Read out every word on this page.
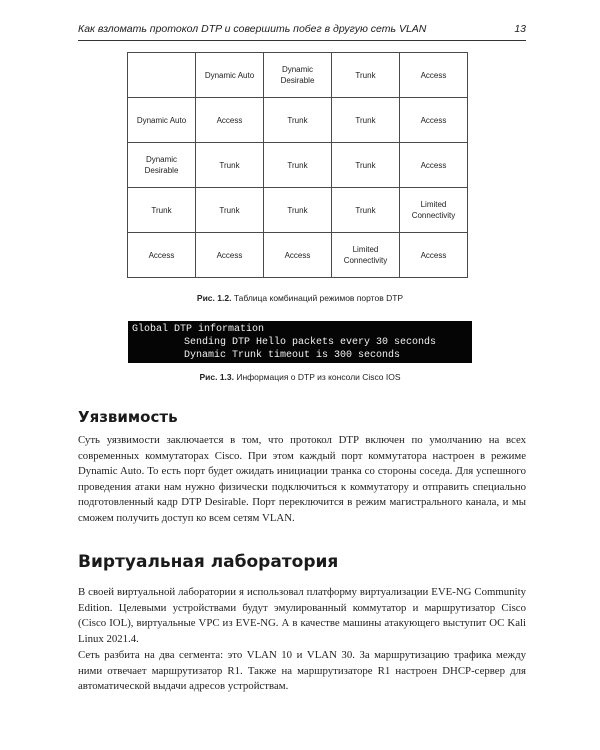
Как взломать протокол DTP и совершить побег в другую сеть VLAN	13
	Dynamic Auto	Dynamic Desirable	Trunk	Access
Dynamic Auto	Access	Trunk	Trunk	Access
Dynamic Desirable	Trunk	Trunk	Trunk	Access
Trunk	Trunk	Trunk	Trunk	Limited Connectivity
Access	Access	Access	Limited Connectivity	Access
Рис. 1.2. Таблица комбинаций режимов портов DTP
Global DTP information
Sending DTP Hello packets every 30 seconds
Dynamic Trunk timeout is 300 seconds
Рис. 1.3. Информация о DTP из консоли Cisco IOS
Уязвимость

Суть уязвимости заключается в том, что протокол DTP включен по умолчанию на всех современных коммутаторах Cisco. При этом каждый порт коммутатора настроен в режиме Dynamic Auto. То есть порт будет ожидать инициации транка со стороны соседа. Для успешного проведения атаки нам нужно физически подключиться к коммутатору и отправить специально подготовленный кадр DTP Desirable. Порт переключится в режим магистрального канала, и мы сможем получить доступ ко всем сетям VLAN.

Виртуальная лаборатория

В своей виртуальной лаборатории я использовал платформу виртуализации EVE-NG Community Edition. Целевыми устройствами будут эмулированный коммутатор и маршрутизатор Cisco (Cisco IOL), виртуальные VPC из EVE-NG. А в качестве машины атакующего выступит ОС Kali Linux 2021.4.

Сеть разбита на два сегмента: это VLAN 10 и VLAN 30. За маршрутизацию трафика между ними отвечает маршрутизатор R1. Также на маршрутизаторе R1 настроен DHCP-сервер для автоматической выдачи адресов устройствам.
